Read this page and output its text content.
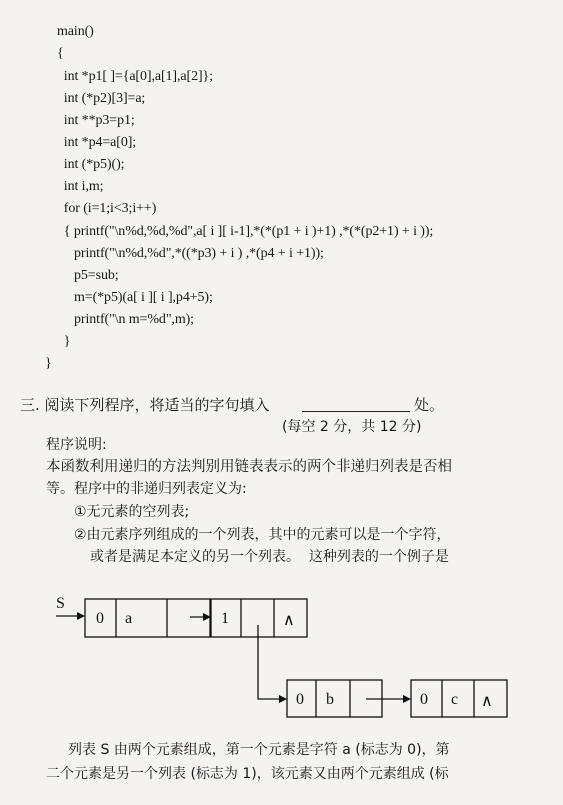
main()
{
int *p1[ ]={a[0],a[1],a[2]};
int (*p2)[3]=a;
int **p3=p1;
int *p4=a[0];
int (*p5)();
int i,m;
for (i=1;i<3;i++)
{ printf("\n%d,%d,%d",a[ i ][ i-1],*(*(p1 + i )+1) ,*(*(p2+1) + i ));
printf("\n%d,%d",*((*p3) + i ) ,*(p4 + i +1));
p5=sub;
m=(*p5)(a[ i ][ i ],p4+5);
printf("\n m=%d",m);
}
}
三. 阅读下列程序，将适当的字句填入	处。
(每空 2 分，共 12 分)
程序说明:
本函数利用递归的方法判别用链表表示的两个非递归列表是否相
等。程序中的非递归列表定义为:
①无元素的空列表;
②由元素序列组成的一个列表，其中的元素可以是一个字符，
或者是满足本定义的另一个列表。  这种列表的一个例子是
S
0 a	1	∧
0 b	0 c ∧
列表 S 由两个元素组成，第一个元素是字符 a (标志为 0)，第
二个元素是另一个列表 (标志为 1)，该元素又由两个元素组成 (标
